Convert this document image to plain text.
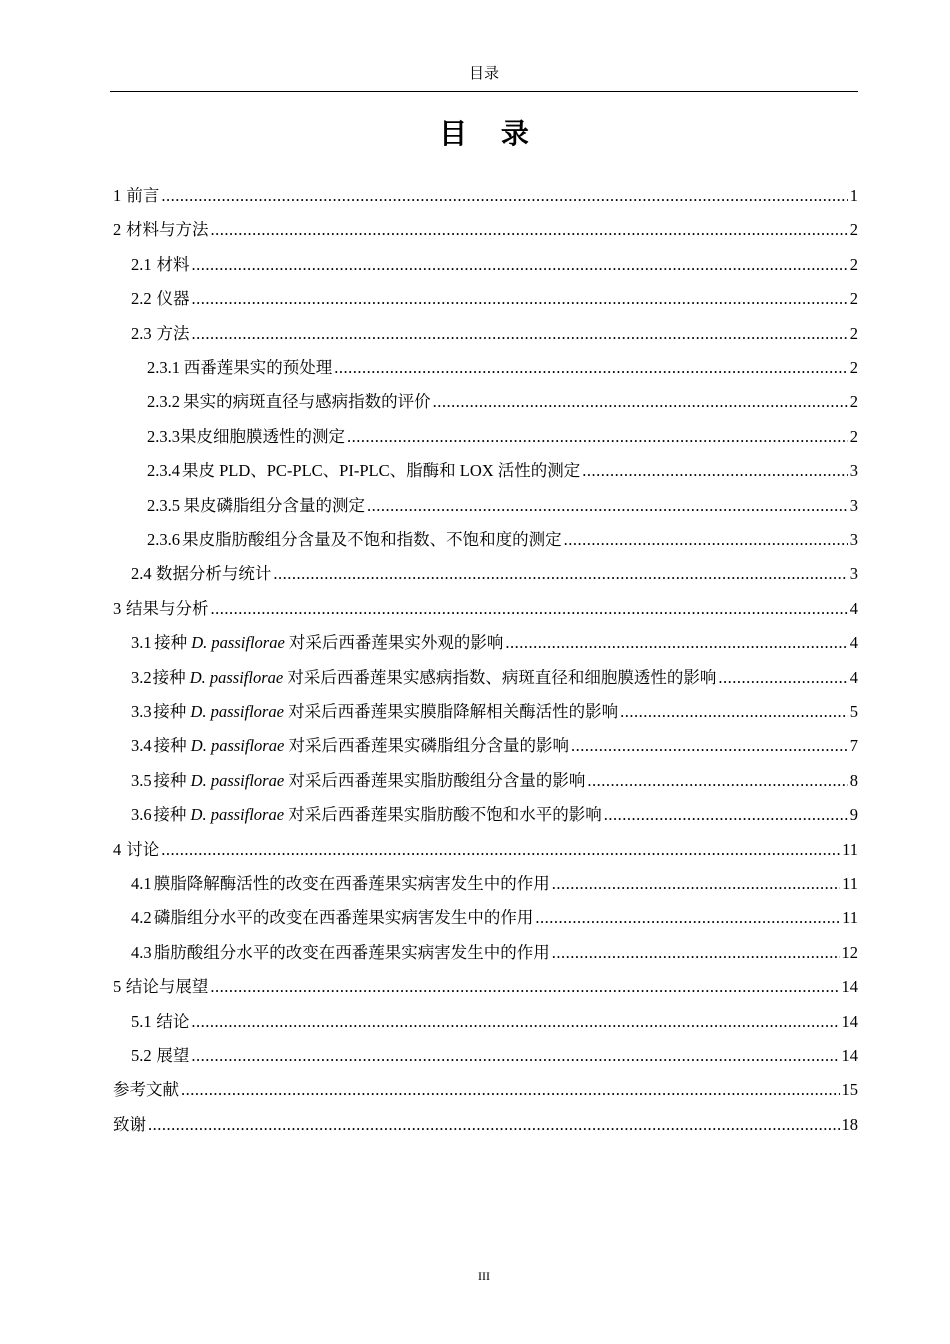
目录
目 录
1 前言 .....	1
2 材料与方法 .....	2
2.1 材料 .....	2
2.2 仪器 .....	2
2.3 方法 .....	2
2.3.1 西番莲果实的预处理 .....	2
2.3.2 果实的病斑直径与感病指数的评价 .....	2
2.3.3 果皮细胞膜透性的测定 .....	2
2.3.4 果皮 PLD、PC-PLC、PI-PLC、脂酶和 LOX 活性的测定 .....	3
2.3.5 果皮磷脂组分含量的测定 .....	3
2.3.6 果皮脂肪酸组分含量及不饱和指数、不饱和度的测定 .....	3
2.4 数据分析与统计 .....	3
3 结果与分析 .....	4
3.1 接种 D. passiflorae 对采后西番莲果实外观的影响 .....	4
3.2 接种 D. passiflorae 对采后西番莲果实感病指数、病斑直径和细胞膜透性的影响 .....	4
3.3 接种 D. passiflorae 对采后西番莲果实膜脂降解相关酶活性的影响 .....	5
3.4 接种 D. passiflorae 对采后西番莲果实磷脂组分含量的影响 .....	7
3.5 接种 D. passiflorae 对采后西番莲果实脂肪酸组分含量的影响 .....	8
3.6 接种 D. passiflorae 对采后西番莲果实脂肪酸不饱和水平的影响 .....	9
4 讨论 .....	11
4.1 膜脂降解酶活性的改变在西番莲果实病害发生中的作用 .....	11
4.2 磷脂组分水平的改变在西番莲果实病害发生中的作用 .....	11
4.3 脂肪酸组分水平的改变在西番莲果实病害发生中的作用 .....	12
5 结论与展望 .....	14
5.1 结论 .....	14
5.2 展望 .....	14
参考文献 .....	15
致谢 .....	18
III
